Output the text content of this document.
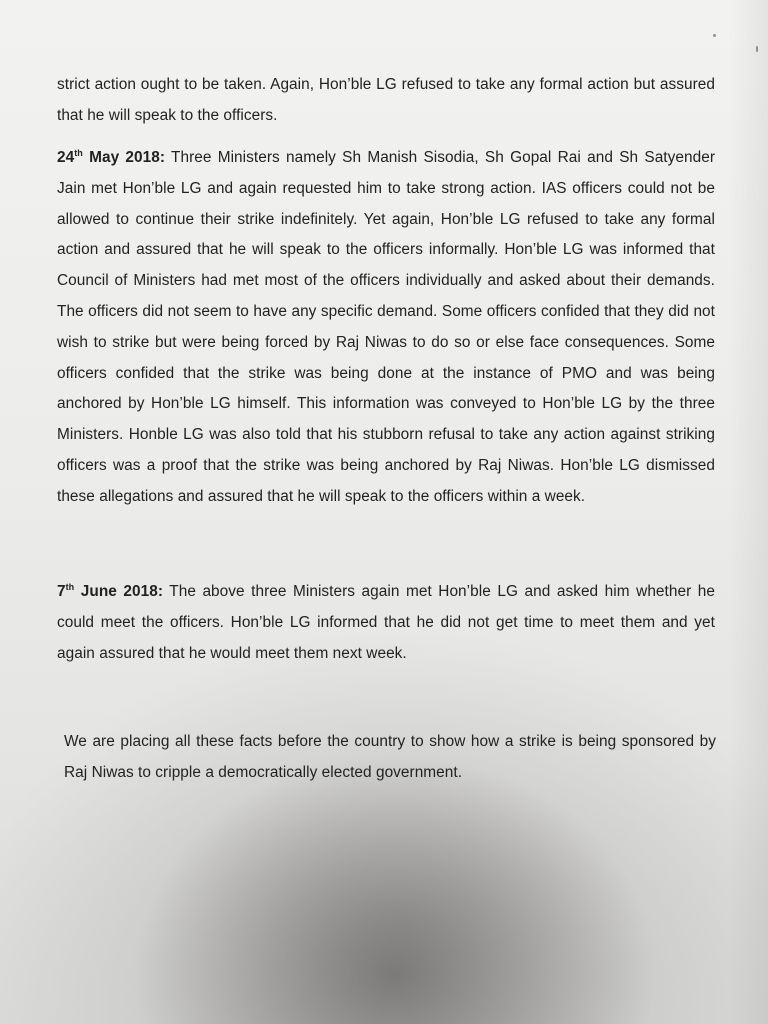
strict action ought to be taken. Again, Hon’ble LG refused to take any formal action but assured that he will speak to the officers.

24th May 2018: Three Ministers namely Sh Manish Sisodia, Sh Gopal Rai and Sh Satyender Jain met Hon’ble LG and again requested him to take strong action. IAS officers could not be allowed to continue their strike indefinitely. Yet again, Hon’ble LG refused to take any formal action and assured that he will speak to the officers informally. Hon’ble LG was informed that Council of Ministers had met most of the officers individually and asked about their demands. The officers did not seem to have any specific demand. Some officers confided that they did not wish to strike but were being forced by Raj Niwas to do so or else face consequences. Some officers confided that the strike was being done at the instance of PMO and was being anchored by Hon’ble LG himself. This information was conveyed to Hon’ble LG by the three Ministers. Honble LG was also told that his stubborn refusal to take any action against striking officers was a proof that the strike was being anchored by Raj Niwas. Hon’ble LG dismissed these allegations and assured that he will speak to the officers within a week.

7th June 2018: The above three Ministers again met Hon’ble LG and asked him whether he could meet the officers. Hon’ble LG informed that he did not get time to meet them and yet again assured that he would meet them next week.

We are placing all these facts before the country to show how a strike is being sponsored by Raj Niwas to cripple a democratically elected government.
